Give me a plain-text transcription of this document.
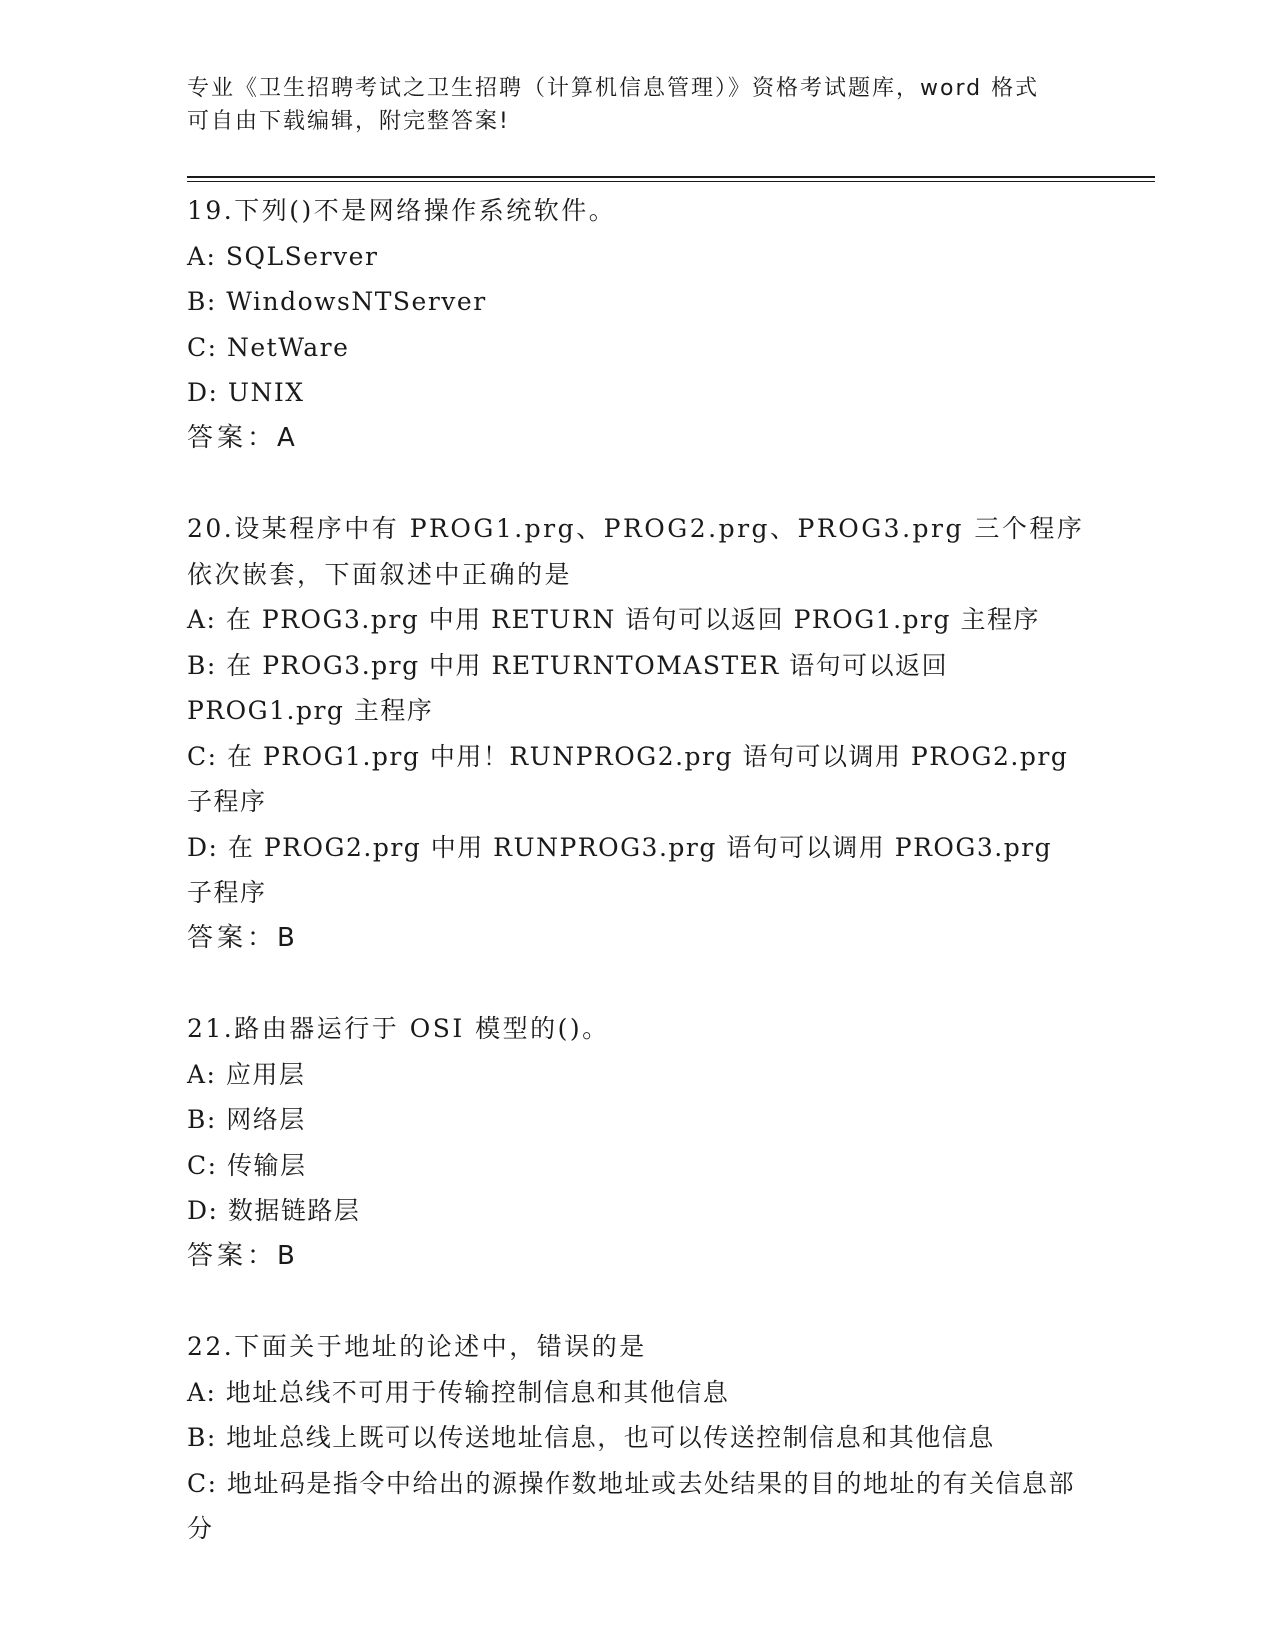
专业《卫生招聘考试之卫生招聘（计算机信息管理）》资格考试题库，word 格式
可自由下载编辑，附完整答案!
19.下列()不是网络操作系统软件。
A: SQLServer
B: WindowsNTServer
C: NetWare
D: UNIX
答案：A
20.设某程序中有 PROG1.prg、PROG2.prg、PROG3.prg 三个程序依次嵌套，下面叙述中正确的是
A: 在 PROG3.prg 中用 RETURN 语句可以返回 PROG1.prg 主程序
B: 在 PROG3.prg 中用 RETURNTOMASTER 语句可以返回 PROG1.prg 主程序
C: 在 PROG1.prg 中用！RUNPROG2.prg 语句可以调用 PROG2.prg 子程序
D: 在 PROG2.prg 中用 RUNPROG3.prg 语句可以调用 PROG3.prg 子程序
答案：B
21.路由器运行于 OSI 模型的()。
A: 应用层
B: 网络层
C: 传输层
D: 数据链路层
答案：B
22.下面关于地址的论述中，错误的是
A: 地址总线不可用于传输控制信息和其他信息
B: 地址总线上既可以传送地址信息，也可以传送控制信息和其他信息
C: 地址码是指令中给出的源操作数地址或去处结果的目的地址的有关信息部分
